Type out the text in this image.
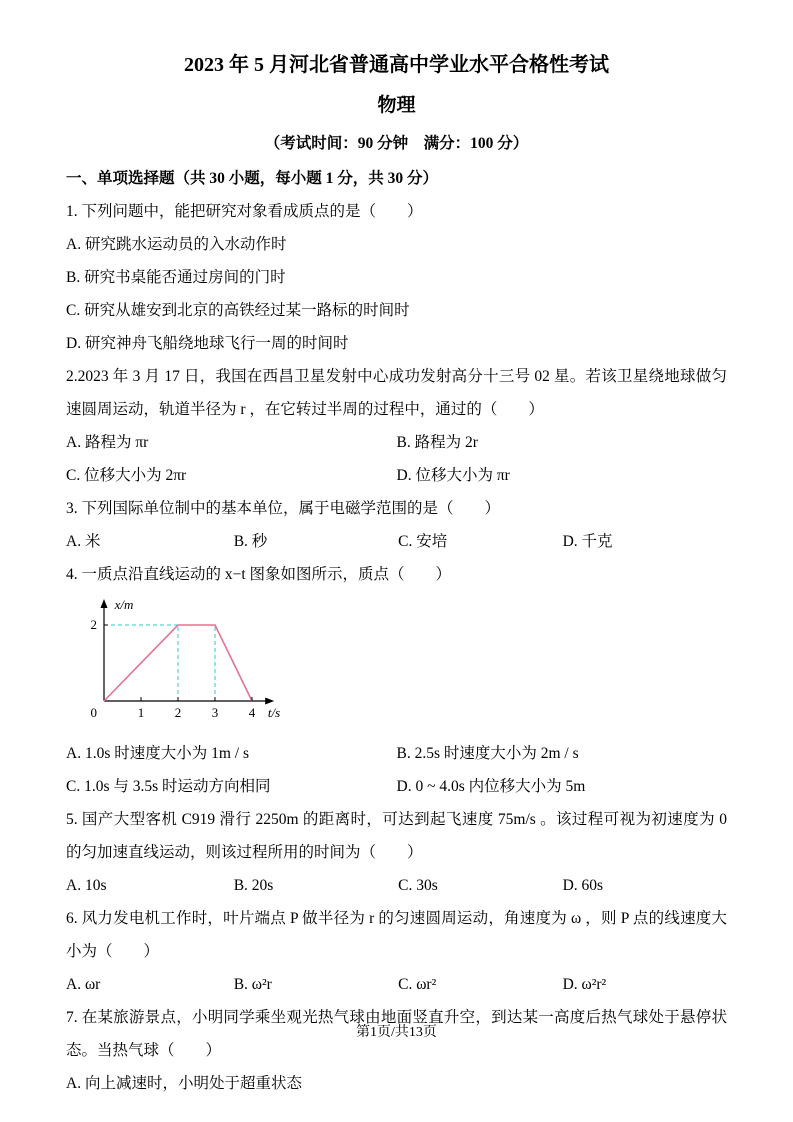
2023 年 5 月河北省普通高中学业水平合格性考试
物理

（考试时间：90 分钟　满分：100 分）

一、单项选择题（共 30 小题，每小题 1 分，共 30 分）

1. 下列问题中，能把研究对象看成质点的是（　　）

A. 研究跳水运动员的入水动作时
B. 研究书桌能否通过房间的门时
C. 研究从雄安到北京的高铁经过某一路标的时间时
D. 研究神舟飞船绕地球飞行一周的时间时

2.2023 年 3 月 17 日，我国在西昌卫星发射中心成功发射高分十三号 02 星。若该卫星绕地球做匀速圆周运动，轨道半径为 r ，在它转过半周的过程中，通过的（　　）

A. 路程为 πr	B. 路程为 2r
C. 位移大小为 2πr	D. 位移大小为 πr

3. 下列国际单位制中的基本单位，属于电磁学范围的是（　　）

A. 米	B. 秒	C. 安培	D. 千克

4. 一质点沿直线运动的 x−t 图象如图所示，质点（　　）

1 2 3 4
2
0
x/m
t/s
A. 1.0s 时速度大小为 1m / s	B. 2.5s 时速度大小为 2m / s
C. 1.0s 与 3.5s 时运动方向相同	D. 0 ~ 4.0s 内位移大小为 5m

5. 国产大型客机 C919 滑行 2250m 的距离时，可达到起飞速度 75m/s 。该过程可视为初速度为 0 的匀加速直线运动，则该过程所用的时间为（　　）

A. 10s	B. 20s	C. 30s	D. 60s

6. 风力发电机工作时，叶片端点 P 做半径为 r 的匀速圆周运动，角速度为 ω ，则 P 点的线速度大小为（　　）

A. ωr	B. ω²r	C. ωr²	D. ω²r²

7. 在某旅游景点，小明同学乘坐观光热气球由地面竖直升空，到达某一高度后热气球处于悬停状态。当热气球（　　）

A. 向上减速时，小明处于超重状态
第1页/共13页
